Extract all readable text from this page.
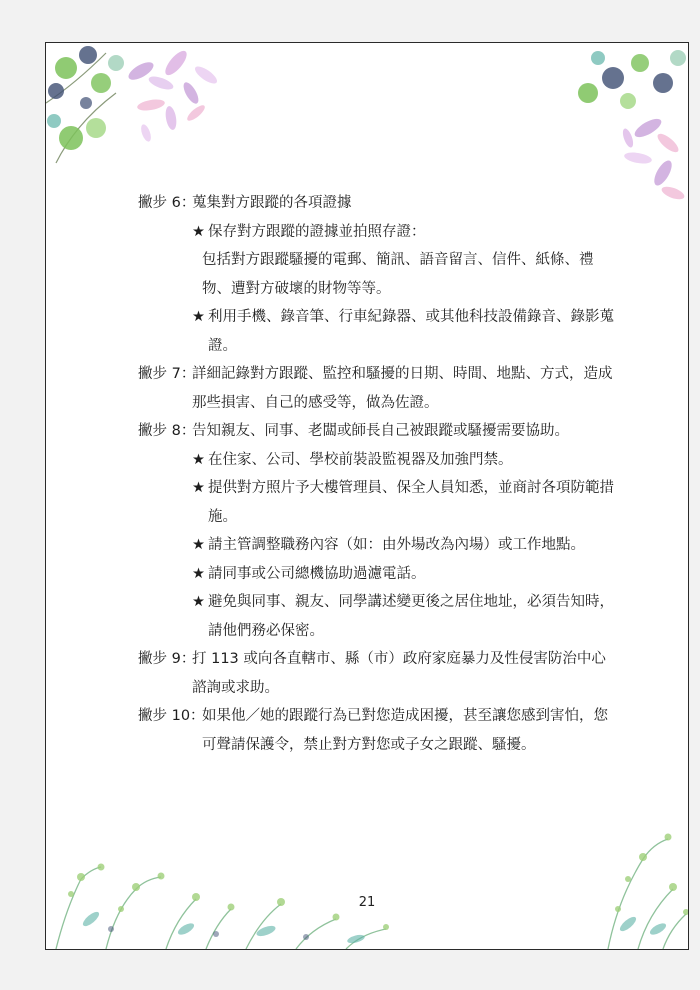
撇步 6：
蒐集對方跟蹤的各項證據
★ 保存對方跟蹤的證據並拍照存證：
包括對方跟蹤騷擾的電郵、簡訊、語音留言、信件、紙條、禮物、遭對方破壞的財物等等。
★ 利用手機、錄音筆、行車紀錄器、或其他科技設備錄音、錄影蒐證。
撇步 7：
詳細記錄對方跟蹤、監控和騷擾的日期、時間、地點、方式，造成那些損害、自己的感受等，做為佐證。
撇步 8：
告知親友、同事、老闆或師長自己被跟蹤或騷擾需要協助。
★ 在住家、公司、學校前裝設監視器及加強門禁。
★ 提供對方照片予大樓管理員、保全人員知悉，並商討各項防範措施。
★ 請主管調整職務內容（如：由外場改為內場）或工作地點。
★ 請同事或公司總機協助過濾電話。
★ 避免與同事、親友、同學講述變更後之居住地址，必須告知時，請他們務必保密。
撇步 9：
打 113 或向各直轄市、縣（市）政府家庭暴力及性侵害防治中心諮詢或求助。
撇步 10：
如果他／她的跟蹤行為已對您造成困擾，甚至讓您感到害怕，您可聲請保護令，禁止對方對您或子女之跟蹤、騷擾。
21
